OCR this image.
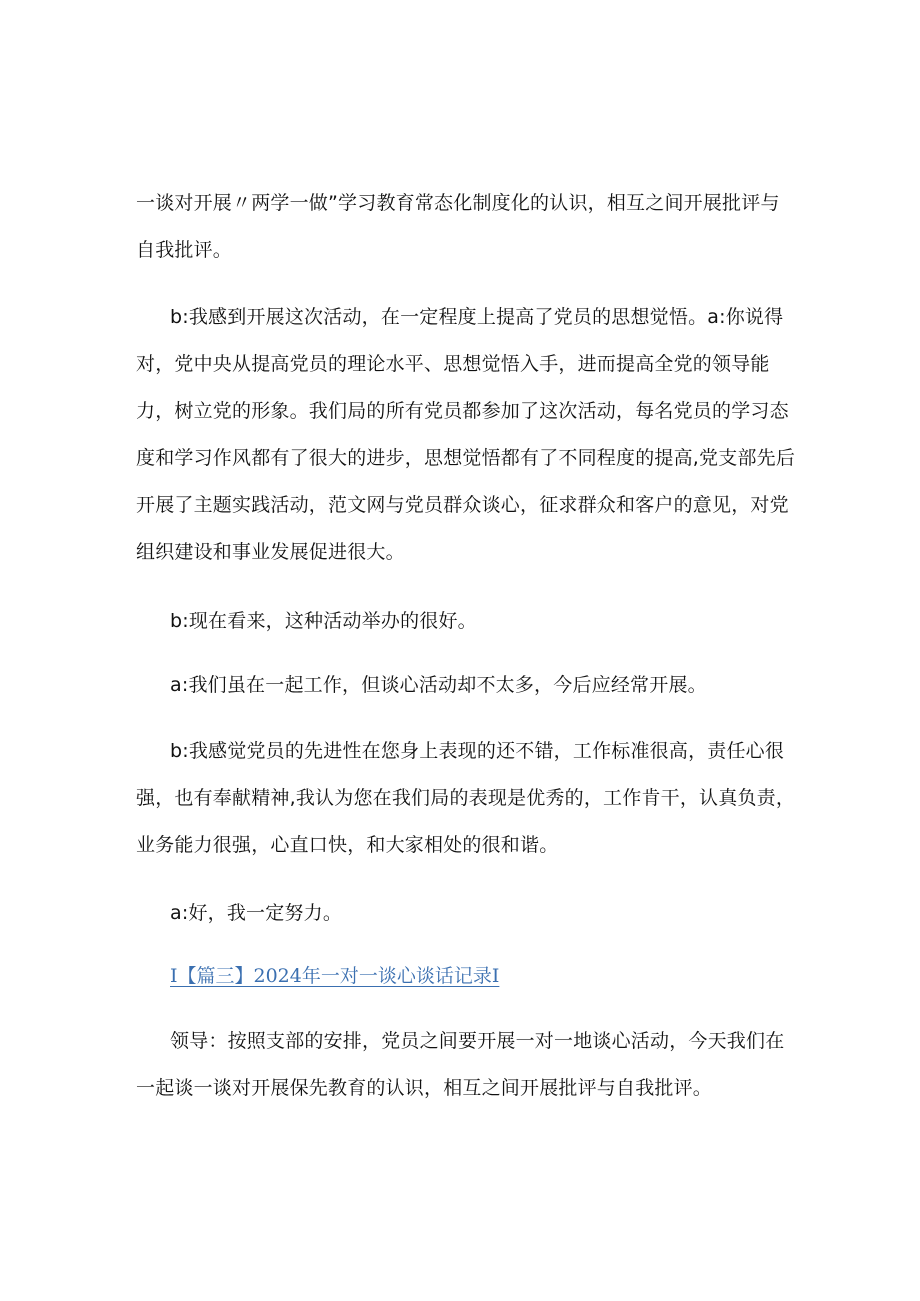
一谈对开展〃两学一做”学习教育常态化制度化的认识，相互之间开展批评与自我批评。

b:我感到开展这次活动，在一定程度上提高了党员的思想觉悟。a:你说得对，党中央从提高党员的理论水平、思想觉悟入手，进而提高全党的领导能力，树立党的形象。我们局的所有党员都参加了这次活动，每名党员的学习态度和学习作风都有了很大的进步，思想觉悟都有了不同程度的提高,党支部先后开展了主题实践活动，范文网与党员群众谈心，征求群众和客户的意见，对党组织建设和事业发展促进很大。

b:现在看来，这种活动举办的很好。

a:我们虽在一起工作，但谈心活动却不太多，今后应经常开展。

b:我感觉党员的先进性在您身上表现的还不错，工作标准很高，责任心很强，也有奉献精神,我认为您在我们局的表现是优秀的，工作肯干，认真负责，业务能力很强，心直口快，和大家相处的很和谐。

a:好，我一定努力。

I【篇三】2024年一对一谈心谈话记录I

领导：按照支部的安排，党员之间要开展一对一地谈心活动，今天我们在一起谈一谈对开展保先教育的认识，相互之间开展批评与自我批评。
